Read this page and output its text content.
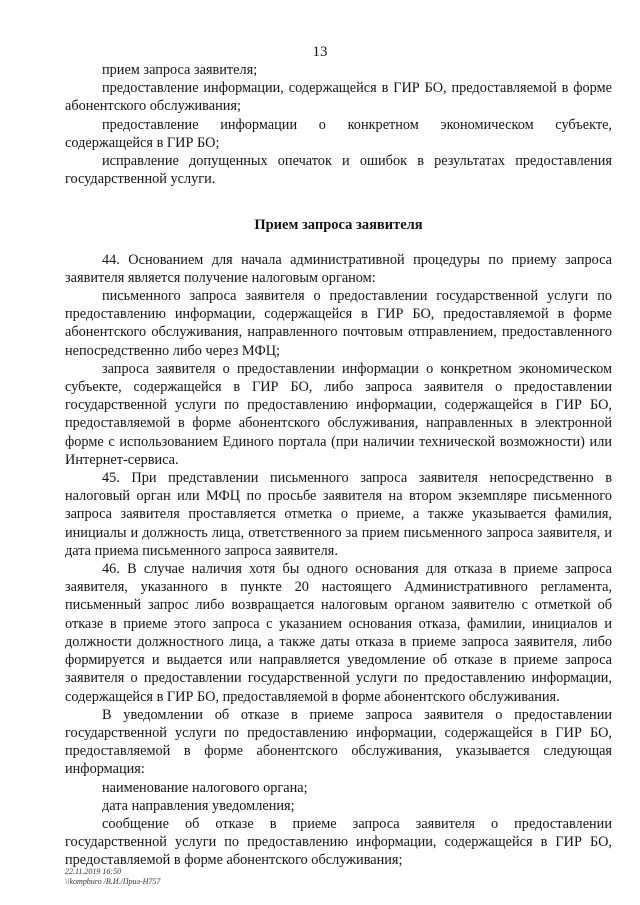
13

прием запроса заявителя;

предоставление информации, содержащейся в ГИР БО, предоставляемой в форме абонентского обслуживания;

предоставление информации о конкретном экономическом субъекте, содержащейся в ГИР БО;

исправление допущенных опечаток и ошибок в результатах предоставления государственной услуги.

Прием запроса заявителя

44. Основанием для начала административной процедуры по приему запроса заявителя является получение налоговым органом:

письменного запроса заявителя о предоставлении государственной услуги по предоставлению информации, содержащейся в ГИР БО, предоставляемой в форме абонентского обслуживания, направленного почтовым отправлением, предоставленного непосредственно либо через МФЦ;

запроса заявителя о предоставлении информации о конкретном экономическом субъекте, содержащейся в ГИР БО, либо запроса заявителя о предоставлении государственной услуги по предоставлению информации, содержащейся в ГИР БО, предоставляемой в форме абонентского обслуживания, направленных в электронной форме с использованием Единого портала (при наличии технической возможности) или Интернет-сервиса.

45. При представлении письменного запроса заявителя непосредственно в налоговый орган или МФЦ по просьбе заявителя на втором экземпляре письменного запроса заявителя проставляется отметка о приеме, а также указывается фамилия, инициалы и должность лица, ответственного за прием письменного запроса заявителя, и дата приема письменного запроса заявителя.

46. В случае наличия хотя бы одного основания для отказа в приеме запроса заявителя, указанного в пункте 20 настоящего Административного регламента, письменный запрос либо возвращается налоговым органом заявителю с отметкой об отказе в приеме этого запроса с указанием основания отказа, фамилии, инициалов и должности должностного лица, а также даты отказа в приеме запроса заявителя, либо формируется и выдается или направляется уведомление об отказе в приеме запроса заявителя о предоставлении государственной услуги по предоставлению информации, содержащейся в ГИР БО, предоставляемой в форме абонентского обслуживания.

В уведомлении об отказе в приеме запроса заявителя о предоставлении государственной услуги по предоставлению информации, содержащейся в ГИР БО, предоставляемой в форме абонентского обслуживания, указывается следующая информация:

наименование налогового органа;

дата направления уведомления;

сообщение об отказе в приеме запроса заявителя о предоставлении государственной услуги по предоставлению информации, содержащейся в ГИР БО, предоставляемой в форме абонентского обслуживания;

22.11.2019 16:50
\\kompburo /В.И./Прил-Н757
